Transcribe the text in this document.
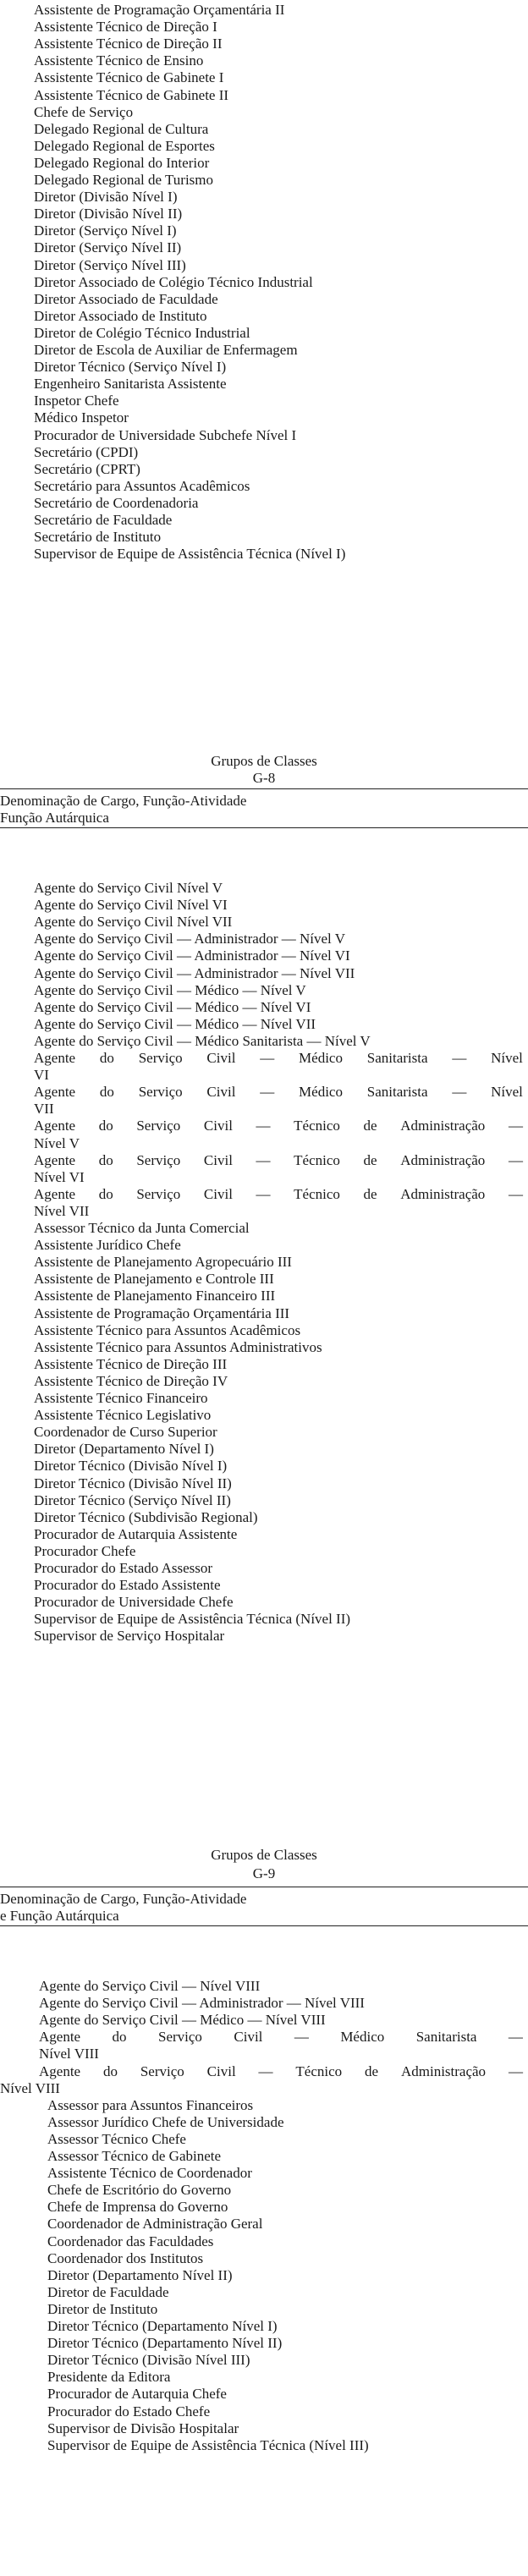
Assistente de Programação Orçamentária II
Assistente Técnico de Direção I
Assistente Técnico de Direção II
Assistente Técnico de Ensino
Assistente Técnico de Gabinete I
Assistente Técnico de Gabinete II
Chefe de Serviço
Delegado Regional de Cultura
Delegado Regional de Esportes
Delegado Regional do Interior
Delegado Regional de Turismo
Diretor (Divisão Nível I)
Diretor (Divisão Nível II)
Diretor (Serviço Nível I)
Diretor (Serviço Nível II)
Diretor (Serviço Nível III)
Diretor Associado de Colégio Técnico Industrial
Diretor Associado de Faculdade
Diretor Associado de Instituto
Diretor de Colégio Técnico Industrial
Diretor de Escola de Auxiliar de Enfermagem
Diretor Técnico (Serviço Nível I)
Engenheiro Sanitarista Assistente
Inspetor Chefe
Médico Inspetor
Procurador de Universidade Subchefe Nível I
Secretário (CPDI)
Secretário (CPRT)
Secretário para Assuntos Acadêmicos
Secretário de Coordenadoria
Secretário de Faculdade
Secretário de Instituto
Supervisor de Equipe de Assistência Técnica (Nível I)
Grupos de Classes
G-8
Denominação de Cargo, Função-Atividade
Função Autárquica
Agente do Serviço Civil Nível V
Agente do Serviço Civil Nível VI
Agente do Serviço Civil Nível VII
Agente do Serviço Civil — Administrador — Nível V
Agente do Serviço Civil — Administrador — Nível VI
Agente do Serviço Civil — Administrador — Nível VII
Agente do Serviço Civil — Médico — Nível V
Agente do Serviço Civil — Médico — Nível VI
Agente do Serviço Civil — Médico — Nível VII
Agente do Serviço Civil — Médico Sanitarista — Nível V
Agente do Serviço Civil — Médico Sanitarista — Nível
VI
Agente do Serviço Civil — Médico Sanitarista — Nível
VII
Agente do Serviço Civil — Técnico de Administração —
Nível V
Agente do Serviço Civil — Técnico de Administração —
Nível VI
Agente do Serviço Civil — Técnico de Administração —
Nível VII
Assessor Técnico da Junta Comercial
Assistente Jurídico Chefe
Assistente de Planejamento Agropecuário III
Assistente de Planejamento e Controle III
Assistente de Planejamento Financeiro III
Assistente de Programação Orçamentária III
Assistente Técnico para Assuntos Acadêmicos
Assistente Técnico para Assuntos Administrativos
Assistente Técnico de Direção III
Assistente Técnico de Direção IV
Assistente Técnico Financeiro
Assistente Técnico Legislativo
Coordenador de Curso Superior
Diretor (Departamento Nível I)
Diretor Técnico (Divisão Nível I)
Diretor Técnico (Divisão Nível II)
Diretor Técnico (Serviço Nível II)
Diretor Técnico (Subdivisão Regional)
Procurador de Autarquia Assistente
Procurador Chefe
Procurador do Estado Assessor
Procurador do Estado Assistente
Procurador de Universidade Chefe
Supervisor de Equipe de Assistência Técnica (Nível II)
Supervisor de Serviço Hospitalar
Grupos de Classes
G-9
Denominação de Cargo, Função-Atividade
e Função Autárquica
Agente do Serviço Civil — Nível VIII
Agente do Serviço Civil — Administrador — Nível VIII
Agente do Serviço Civil — Médico — Nível VIII
Agente do Serviço Civil — Médico Sanitarista —
Nível VIII
Agente do Serviço Civil — Técnico de Administração —
Nível VIII
Assessor para Assuntos Financeiros
Assessor Jurídico Chefe de Universidade
Assessor Técnico Chefe
Assessor Técnico de Gabinete
Assistente Técnico de Coordenador
Chefe de Escritório do Governo
Chefe de Imprensa do Governo
Coordenador de Administração Geral
Coordenador das Faculdades
Coordenador dos Institutos
Diretor (Departamento Nível II)
Diretor de Faculdade
Diretor de Instituto
Diretor Técnico (Departamento Nível I)
Diretor Técnico (Departamento Nível II)
Diretor Técnico (Divisão Nível III)
Presidente da Editora
Procurador de Autarquia Chefe
Procurador do Estado Chefe
Supervisor de Divisão Hospitalar
Supervisor de Equipe de Assistência Técnica (Nível III)
